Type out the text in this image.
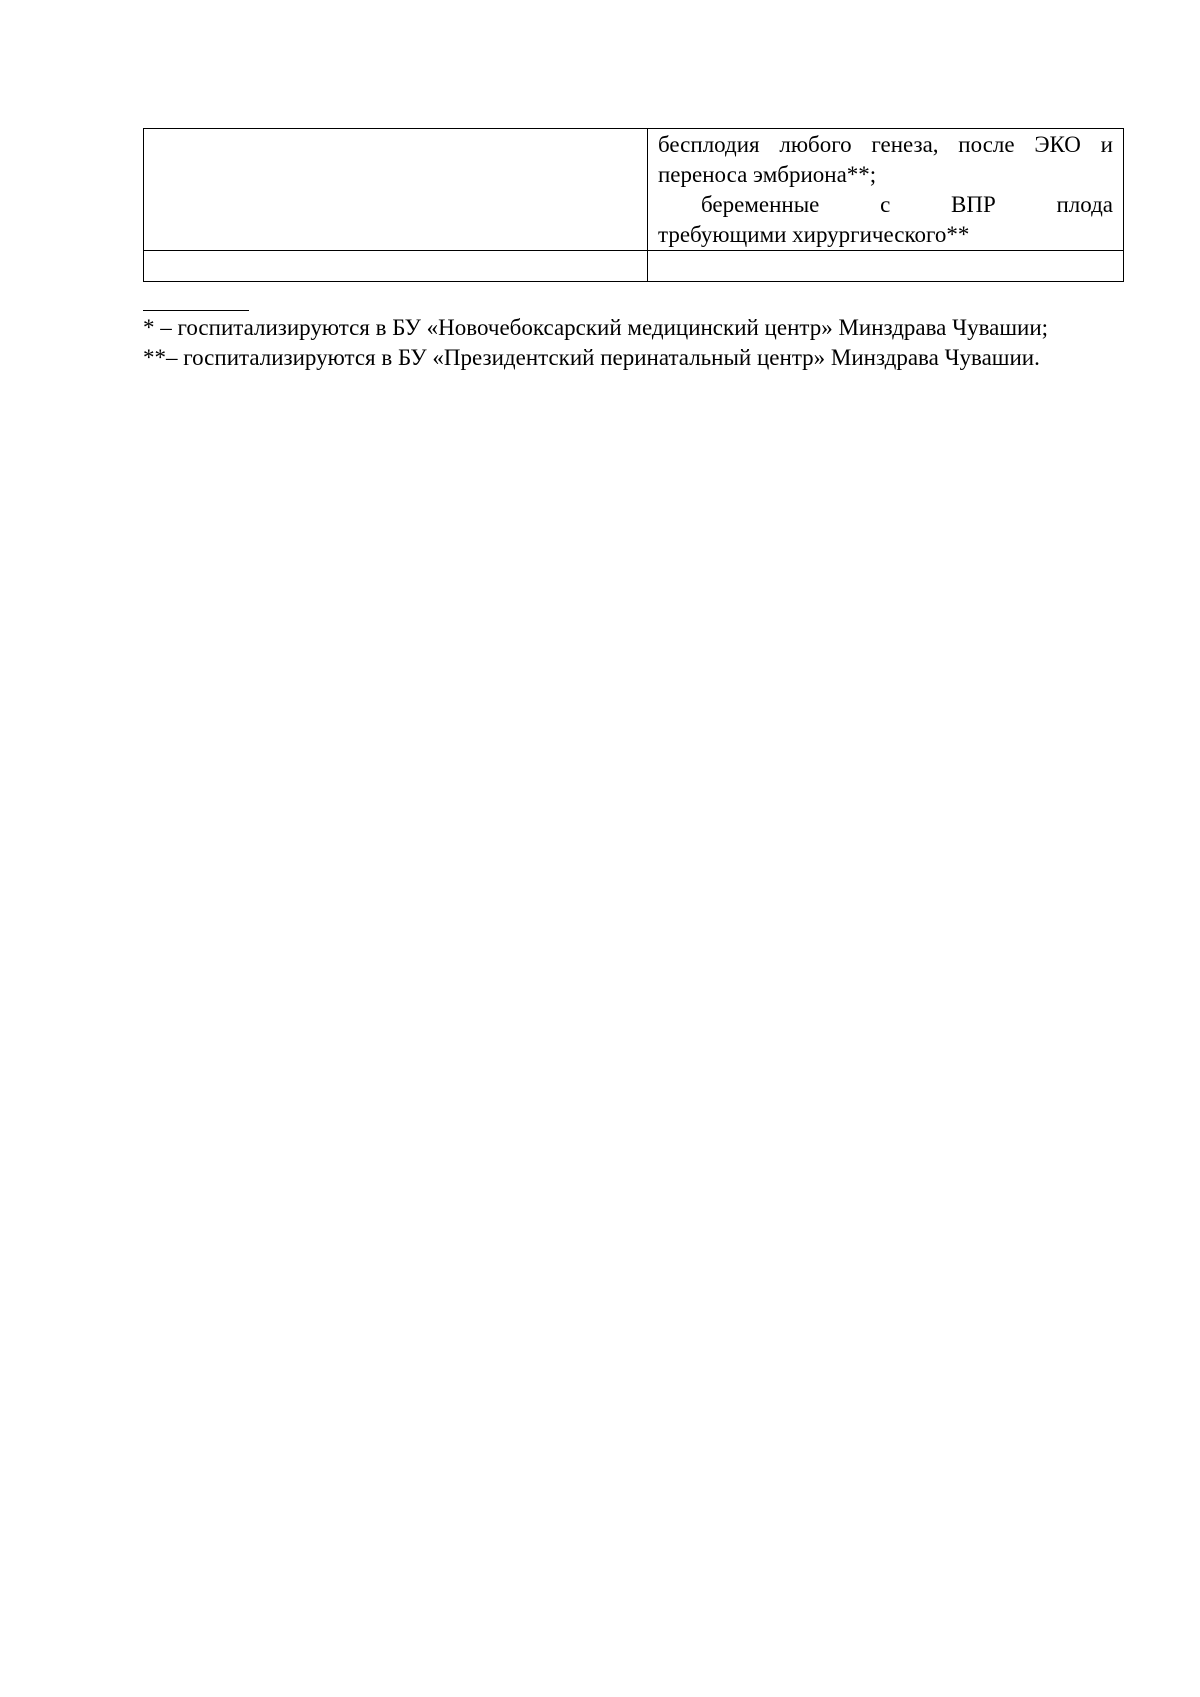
	бесплодия любого генеза, после ЭКО и
переноса эмбриона**;
беременные с ВПР плода
требующими хирургического**

* – госпитализируются в БУ «Новочебоксарский медицинский центр» Минздрава Чувашии;

**– госпитализируются в БУ «Президентский перинатальный центр» Минздрава Чувашии.
